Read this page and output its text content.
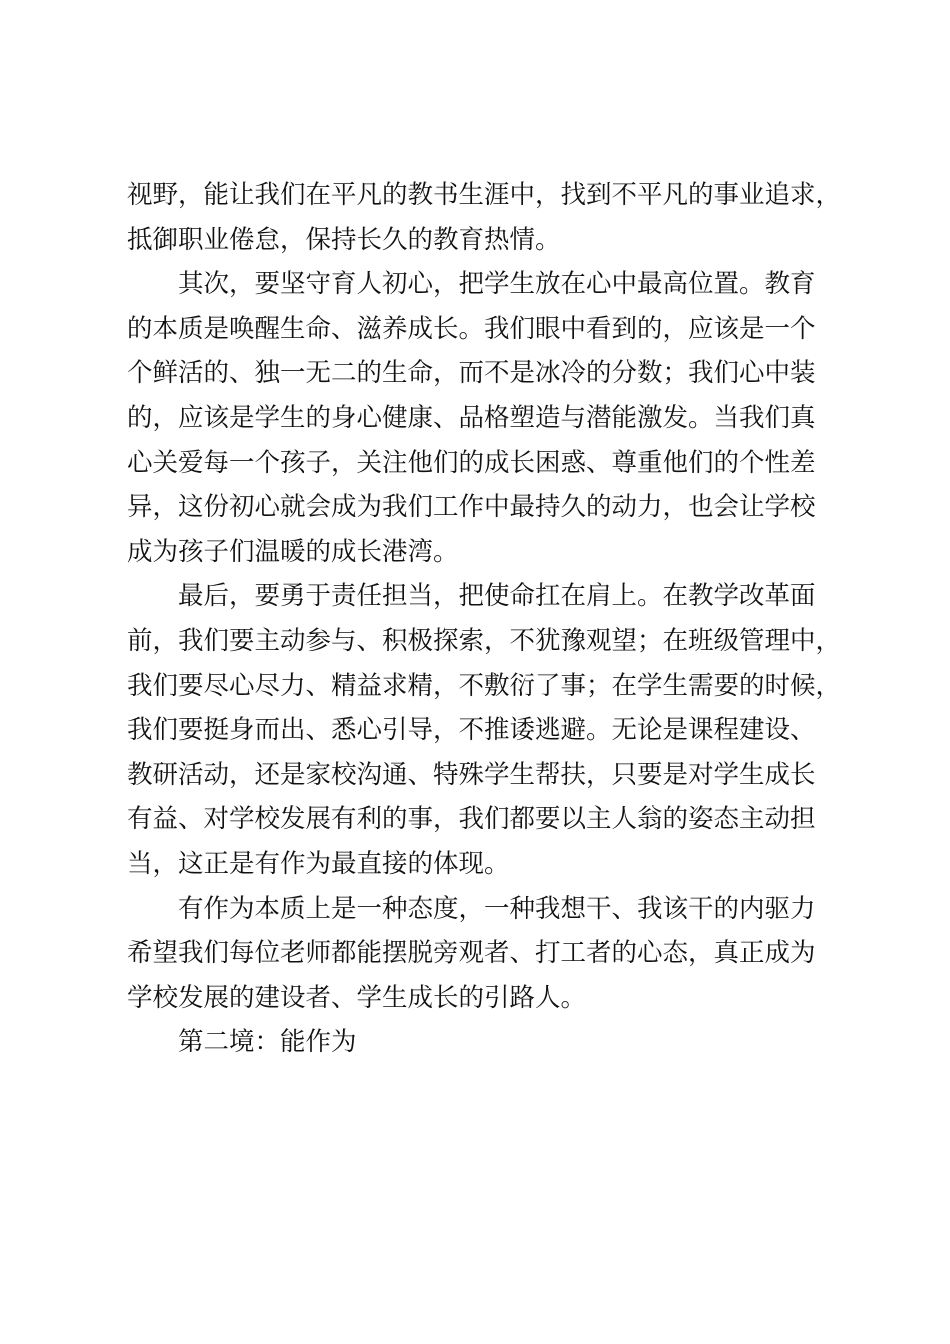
视野，能让我们在平凡的教书生涯中，找到不平凡的事业追求，
抵御职业倦怠，保持长久的教育热情。
其次，要坚守育人初心，把学生放在心中最高位置。教育
的本质是唤醒生命、滋养成长。我们眼中看到的，应该是一个
个鲜活的、独一无二的生命，而不是冰冷的分数；我们心中装
的，应该是学生的身心健康、品格塑造与潜能激发。当我们真
心关爱每一个孩子，关注他们的成长困惑、尊重他们的个性差
异，这份初心就会成为我们工作中最持久的动力，也会让学校
成为孩子们温暖的成长港湾。
最后，要勇于责任担当，把使命扛在肩上。在教学改革面
前，我们要主动参与、积极探索，不犹豫观望；在班级管理中，
我们要尽心尽力、精益求精，不敷衍了事；在学生需要的时候，
我们要挺身而出、悉心引导，不推诿逃避。无论是课程建设、
教研活动，还是家校沟通、特殊学生帮扶，只要是对学生成长
有益、对学校发展有利的事，我们都要以主人翁的姿态主动担
当，这正是有作为最直接的体现。
有作为本质上是一种态度，一种我想干、我该干的内驱力
希望我们每位老师都能摆脱旁观者、打工者的心态，真正成为
学校发展的建设者、学生成长的引路人。
第二境：能作为
